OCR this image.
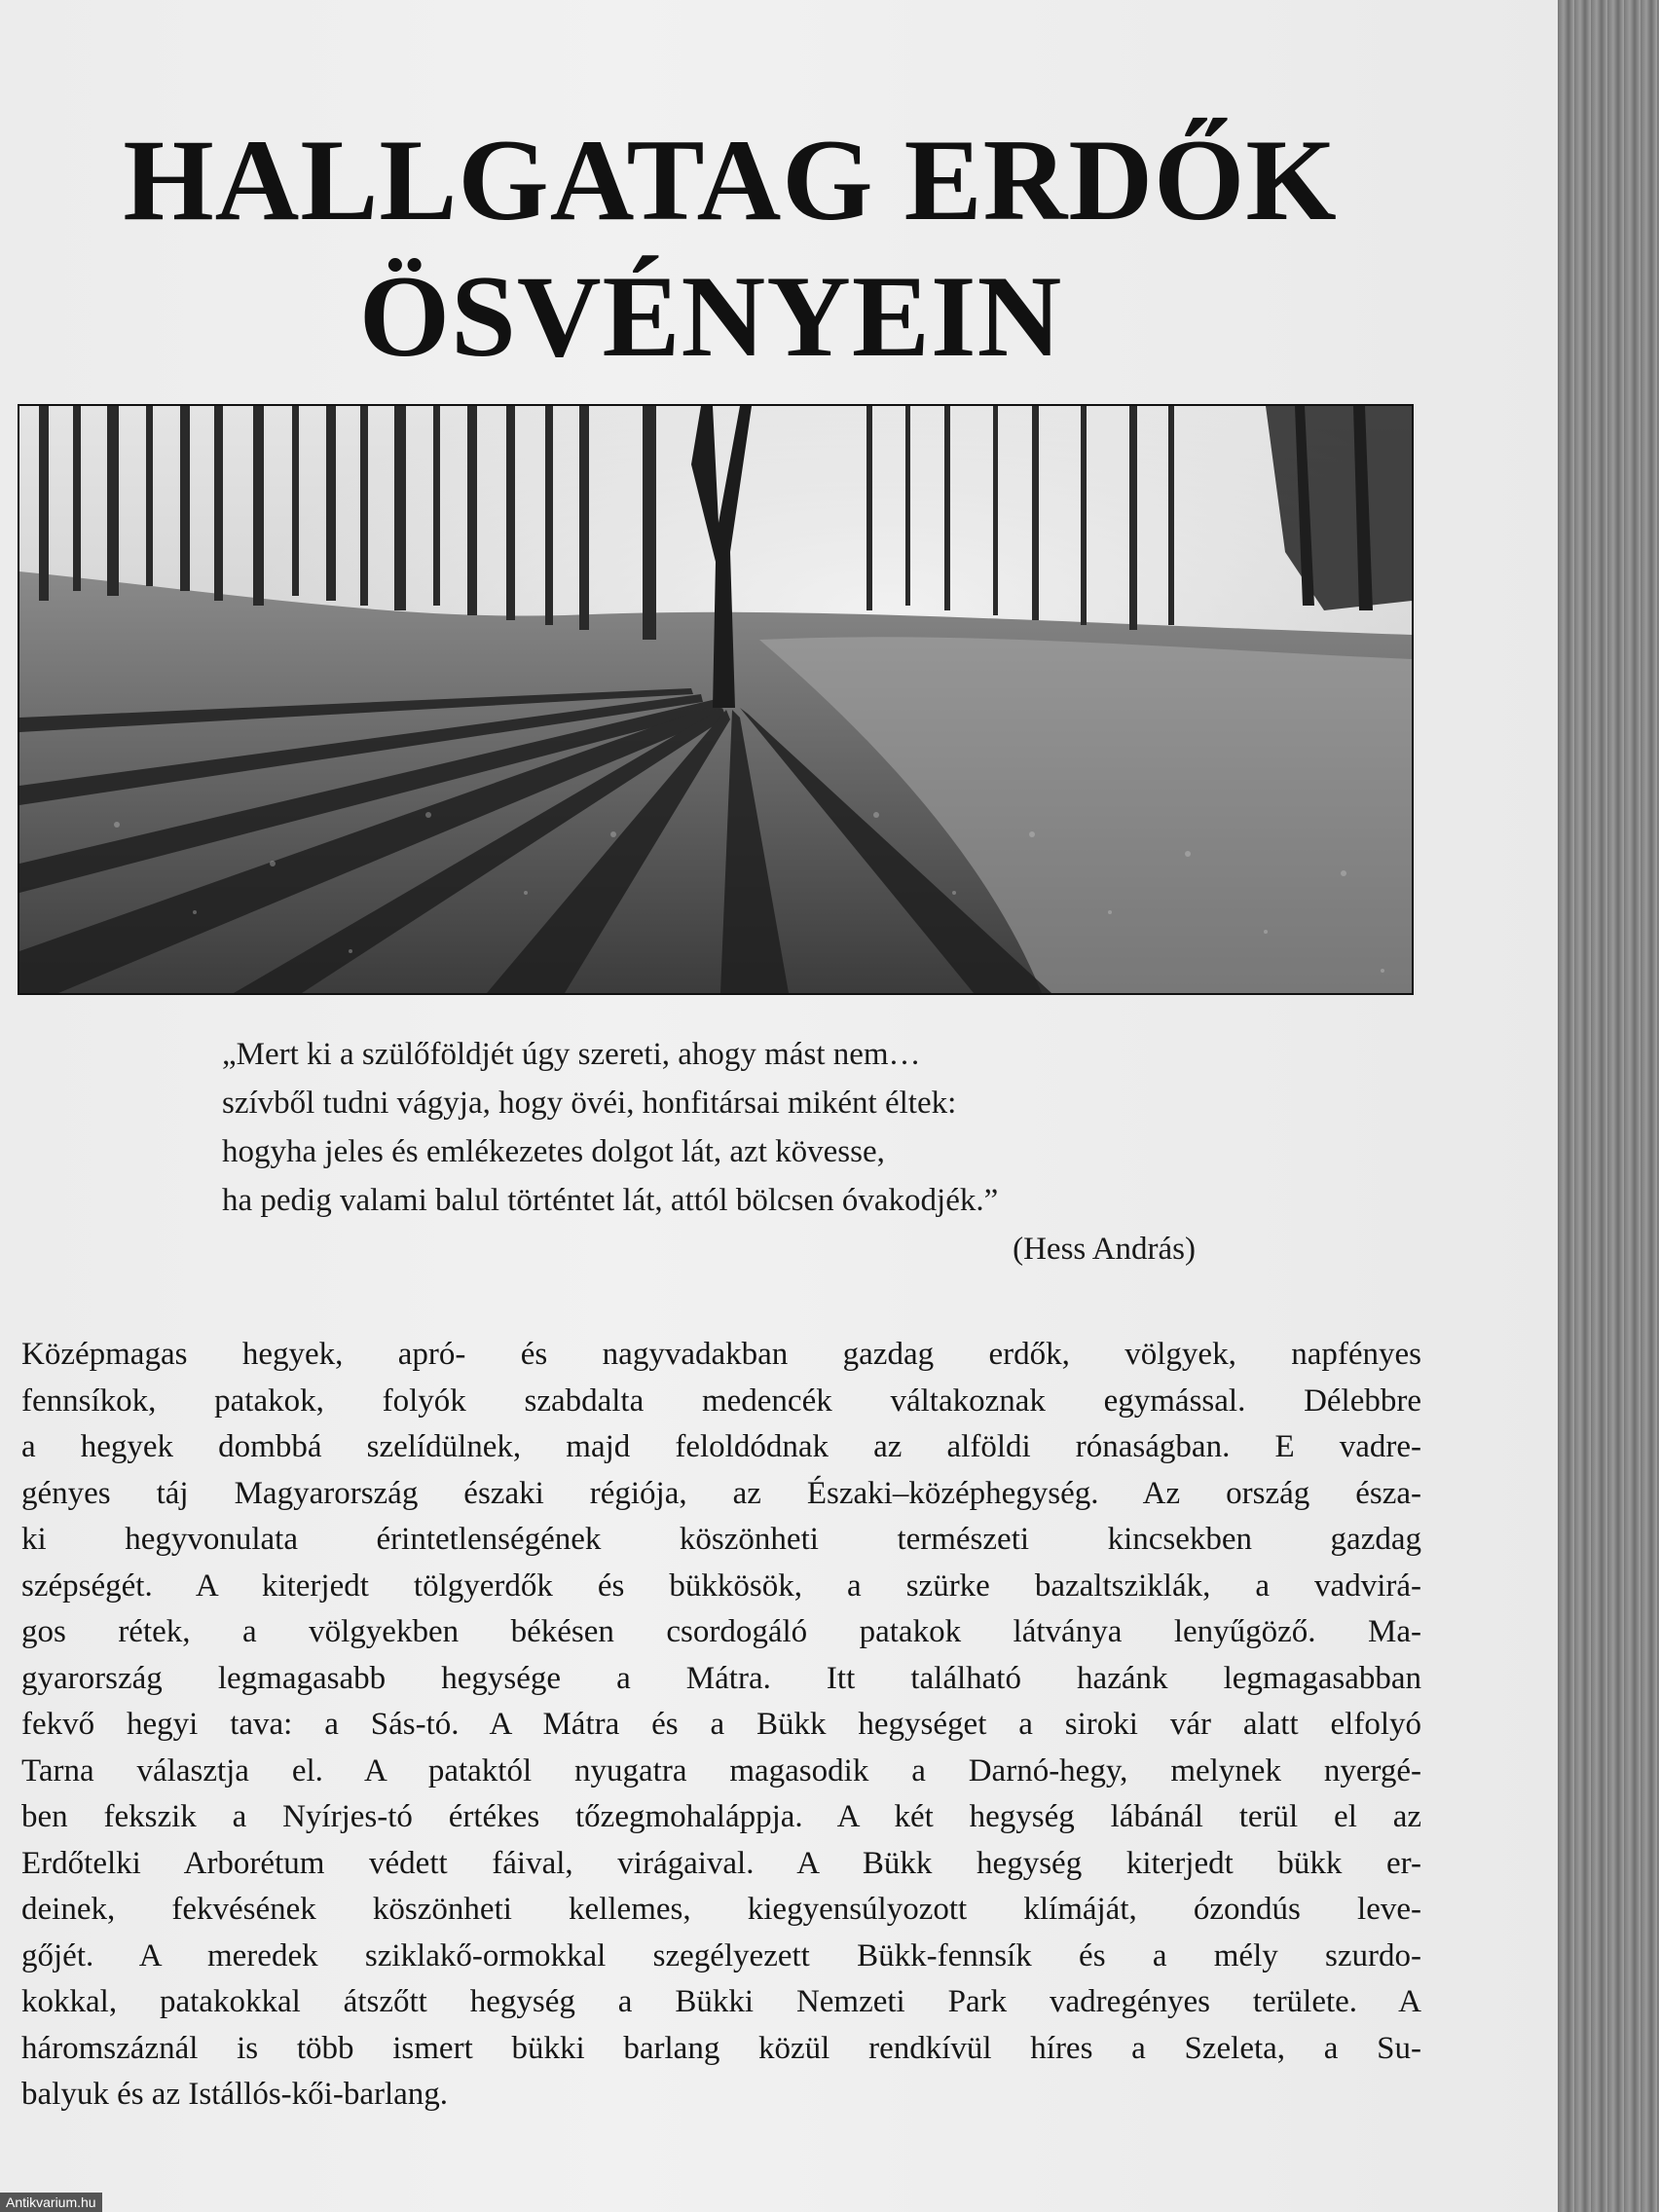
HALLGATAG ERDŐK
ÖSVÉNYEIN
„Mert ki a szülőföldjét úgy szereti, ahogy mást nem…
szívből tudni vágyja, hogy övéi, honfitársai miként éltek:
hogyha jeles és emlékezetes dolgot lát, azt kövesse,
ha pedig valami balul történtet lát, attól bölcsen óvakodjék.”
(Hess András)
Középmagas hegyek, apró- és nagyvadakban gazdag erdők, völgyek, napfényes
fennsíkok, patakok, folyók szabdalta medencék váltakoznak egymással. Délebbre
a hegyek dombbá szelídülnek, majd feloldódnak az alföldi rónaságban. E vadre-
gényes táj Magyarország északi régiója, az Északi–középhegység. Az ország észa-
ki hegyvonulata érintetlenségének köszönheti természeti kincsekben gazdag
szépségét. A kiterjedt tölgyerdők és bükkösök, a szürke bazaltsziklák, a vadvirá-
gos rétek, a völgyekben békésen csordogáló patakok látványa lenyűgöző. Ma-
gyarország legmagasabb hegysége a Mátra. Itt található hazánk legmagasabban
fekvő hegyi tava: a Sás-tó. A Mátra és a Bükk hegységet a siroki vár alatt elfolyó
Tarna választja el. A pataktól nyugatra magasodik a Darnó-hegy, melynek nyergé-
ben fekszik a Nyírjes-tó értékes tőzegmohaláppja. A két hegység lábánál terül el az
Erdőtelki Arborétum védett fáival, virágaival. A Bükk hegység kiterjedt bükk er-
deinek, fekvésének köszönheti kellemes, kiegyensúlyozott klímáját, ózondús leve-
gőjét. A meredek sziklakő-ormokkal szegélyezett Bükk-fennsík és a mély szurdo-
kokkal, patakokkal átszőtt hegység a Bükki Nemzeti Park vadregényes területe. A
háromszáznál is több ismert bükki barlang közül rendkívül híres a Szeleta, a Su-
balyuk és az Istállós-kői-barlang.
Antikvarium.hu
